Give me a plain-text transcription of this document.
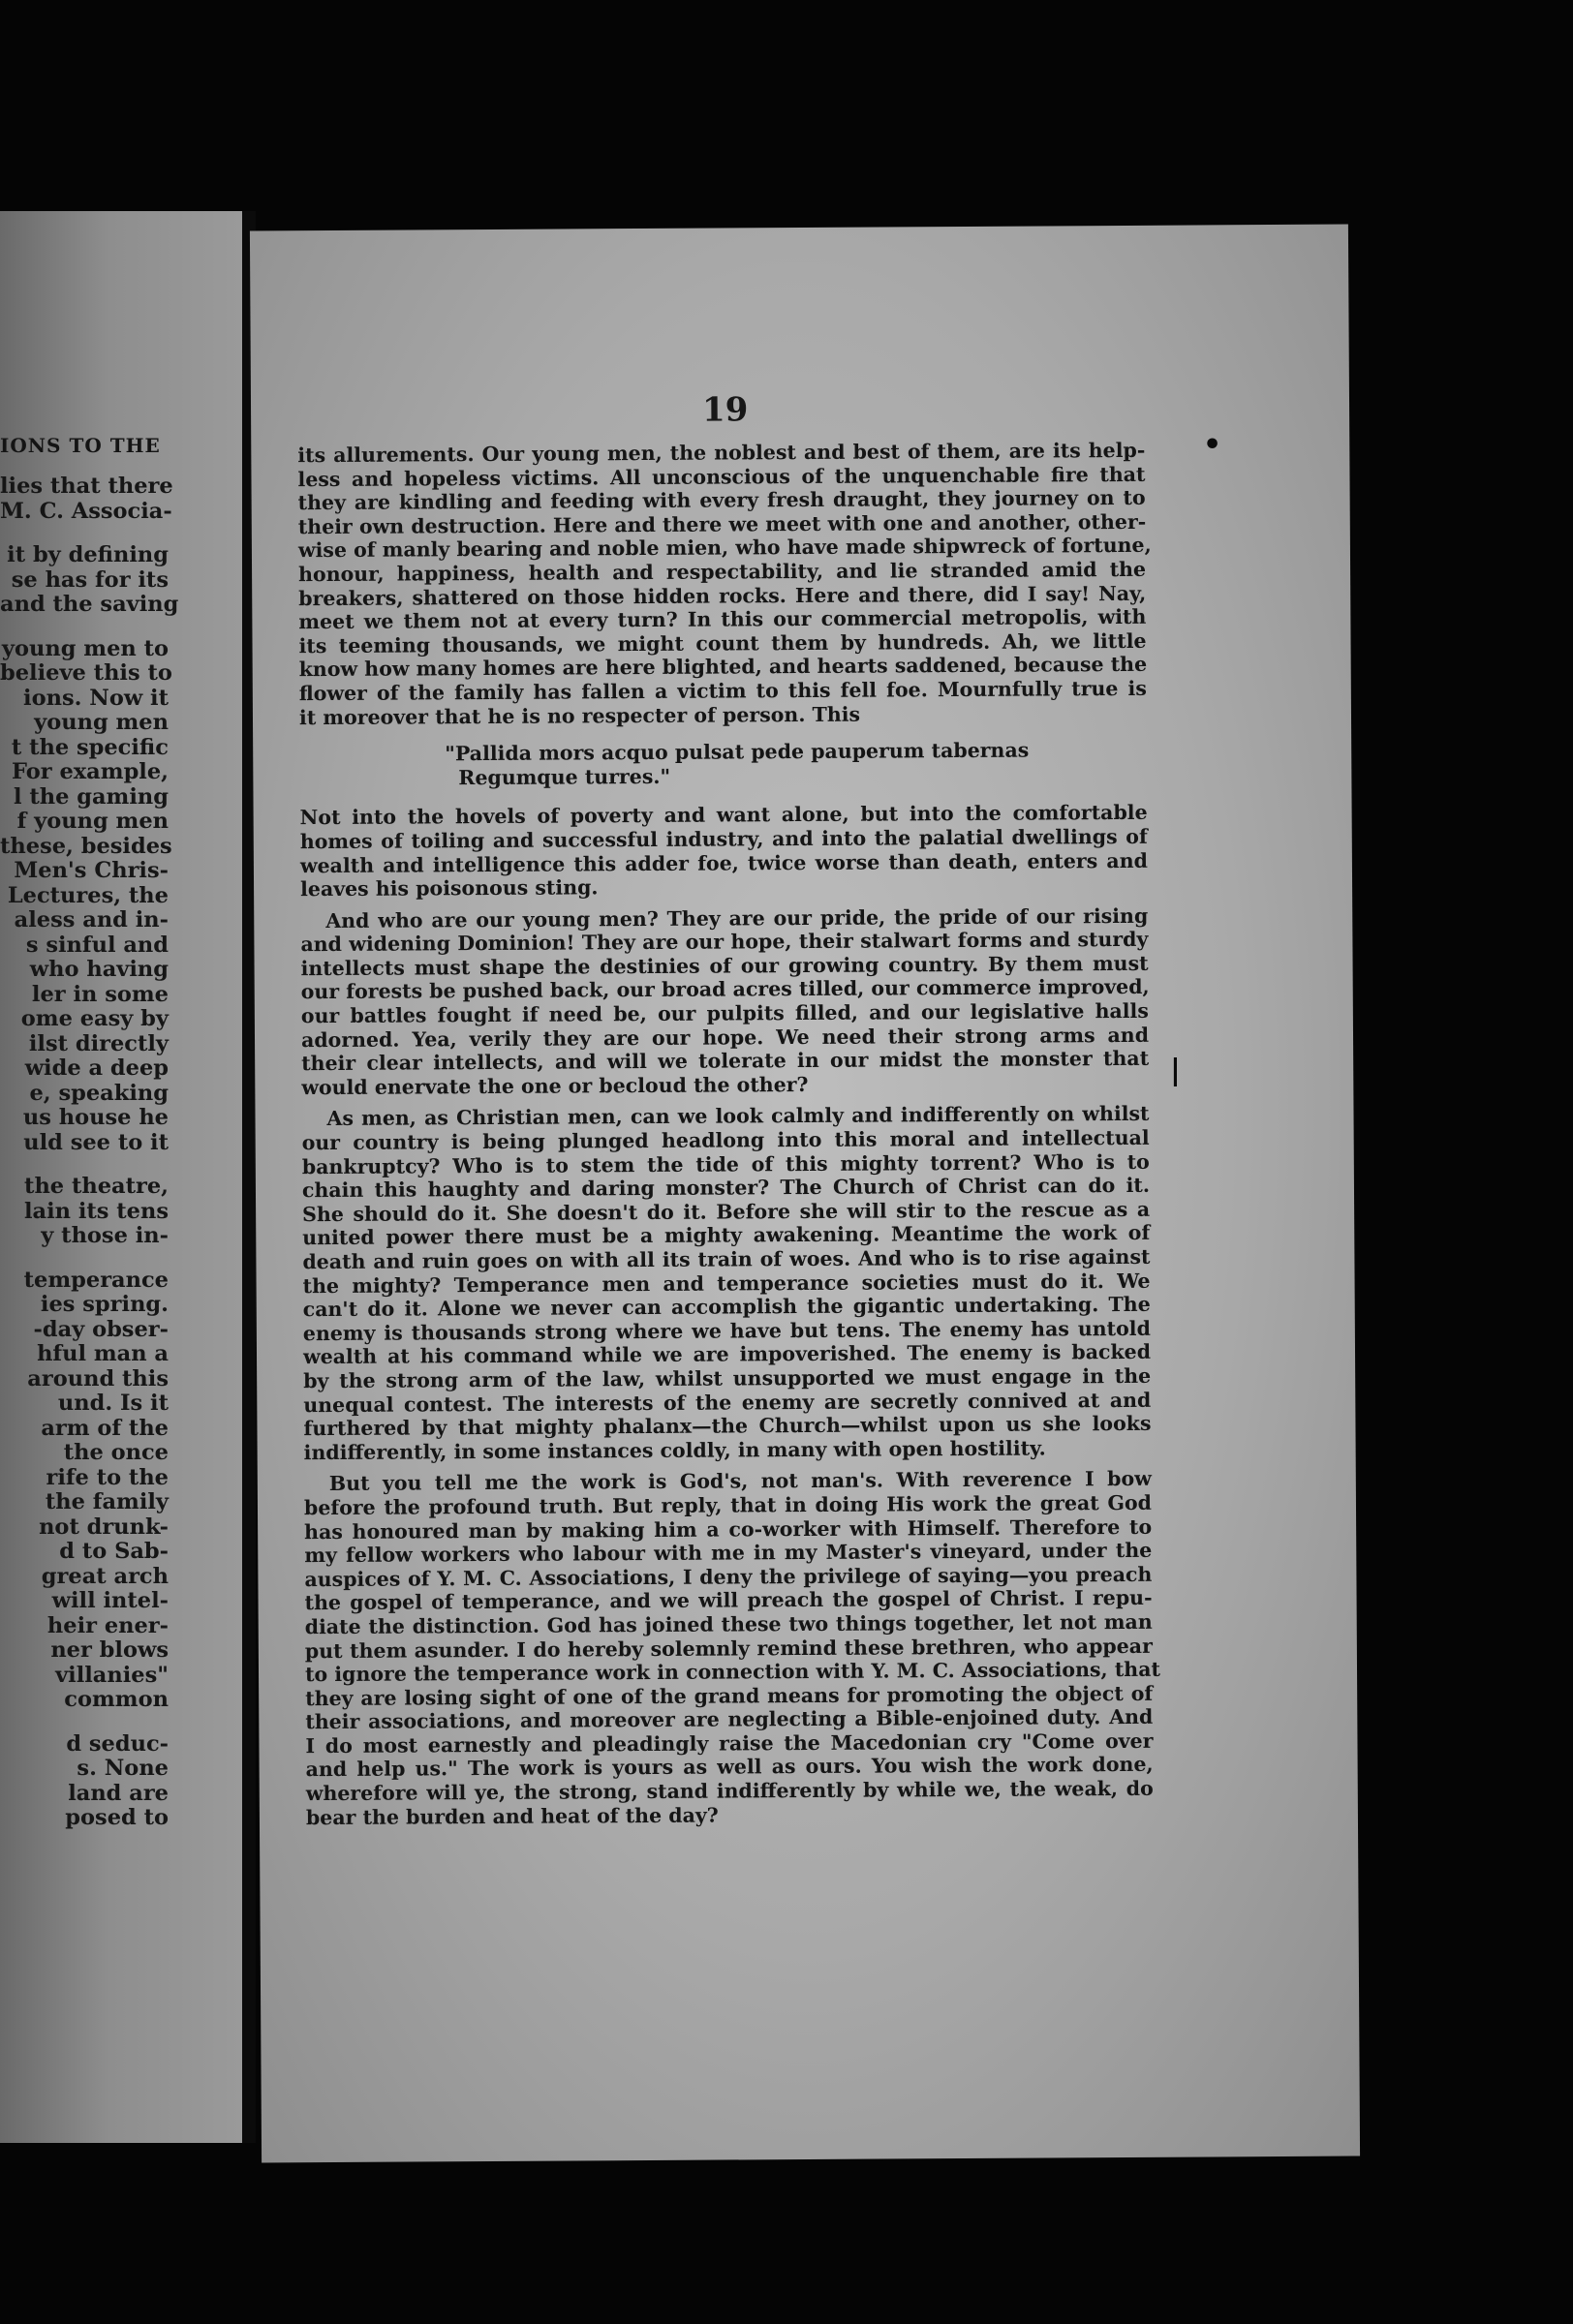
IONS TO THE
lies that there
M. C. Associa-
it by defining
se has for its
and the saving
young men to
believe this to
ions. Now it
young men
t the specific
For example,
l the gaming
f young men
these, besides
Men's Chris-
Lectures, the
aless and in-
s sinful and
who having
ler in some
ome easy by
ilst directly
wide a deep
e, speaking
us house he
uld see to it
the theatre,
lain its tens
y those in-
temperance
ies spring.
-day obser-
hful man a
around this
und. Is it
arm of the
the once
rife to the
the family
not drunk-
d to Sab-
great arch
will intel-
heir ener-
ner blows
villanies"
common
d seduc-
s. None
land are
posed to
19
its allurements. Our young men, the noblest and best of them, are its help-
less and hopeless victims. All unconscious of the unquenchable fire that
they are kindling and feeding with every fresh draught, they journey on to
their own destruction. Here and there we meet with one and another, other-
wise of manly bearing and noble mien, who have made shipwreck of fortune,
honour, happiness, health and respectability, and lie stranded amid the
breakers, shattered on those hidden rocks. Here and there, did I say! Nay,
meet we them not at every turn? In this our commercial metropolis, with
its teeming thousands, we might count them by hundreds. Ah, we little
know how many homes are here blighted, and hearts saddened, because the
flower of the family has fallen a victim to this fell foe. Mournfully true is
it moreover that he is no respecter of person. This
"Pallida mors acquo pulsat pede pauperum tabernas
Regumque turres."
Not into the hovels of poverty and want alone, but into the comfortable
homes of toiling and successful industry, and into the palatial dwellings of
wealth and intelligence this adder foe, twice worse than death, enters and
leaves his poisonous sting.
And who are our young men? They are our pride, the pride of our rising
and widening Dominion! They are our hope, their stalwart forms and sturdy
intellects must shape the destinies of our growing country. By them must
our forests be pushed back, our broad acres tilled, our commerce improved,
our battles fought if need be, our pulpits filled, and our legislative halls
adorned. Yea, verily they are our hope. We need their strong arms and
their clear intellects, and will we tolerate in our midst the monster that
would enervate the one or becloud the other?
As men, as Christian men, can we look calmly and indifferently on whilst
our country is being plunged headlong into this moral and intellectual
bankruptcy? Who is to stem the tide of this mighty torrent? Who is to
chain this haughty and daring monster? The Church of Christ can do it.
She should do it. She doesn't do it. Before she will stir to the rescue as a
united power there must be a mighty awakening. Meantime the work of
death and ruin goes on with all its train of woes. And who is to rise against
the mighty? Temperance men and temperance societies must do it. We
can't do it. Alone we never can accomplish the gigantic undertaking. The
enemy is thousands strong where we have but tens. The enemy has untold
wealth at his command while we are impoverished. The enemy is backed
by the strong arm of the law, whilst unsupported we must engage in the
unequal contest. The interests of the enemy are secretly connived at and
furthered by that mighty phalanx—the Church—whilst upon us she looks
indifferently, in some instances coldly, in many with open hostility.
But you tell me the work is God's, not man's. With reverence I bow
before the profound truth. But reply, that in doing His work the great God
has honoured man by making him a co-worker with Himself. Therefore to
my fellow workers who labour with me in my Master's vineyard, under the
auspices of Y. M. C. Associations, I deny the privilege of saying—you preach
the gospel of temperance, and we will preach the gospel of Christ. I repu-
diate the distinction. God has joined these two things together, let not man
put them asunder. I do hereby solemnly remind these brethren, who appear
to ignore the temperance work in connection with Y. M. C. Associations, that
they are losing sight of one of the grand means for promoting the object of
their associations, and moreover are neglecting a Bible-enjoined duty. And
I do most earnestly and pleadingly raise the Macedonian cry "Come over
and help us." The work is yours as well as ours. You wish the work done,
wherefore will ye, the strong, stand indifferently by while we, the weak, do
bear the burden and heat of the day?
•
|
